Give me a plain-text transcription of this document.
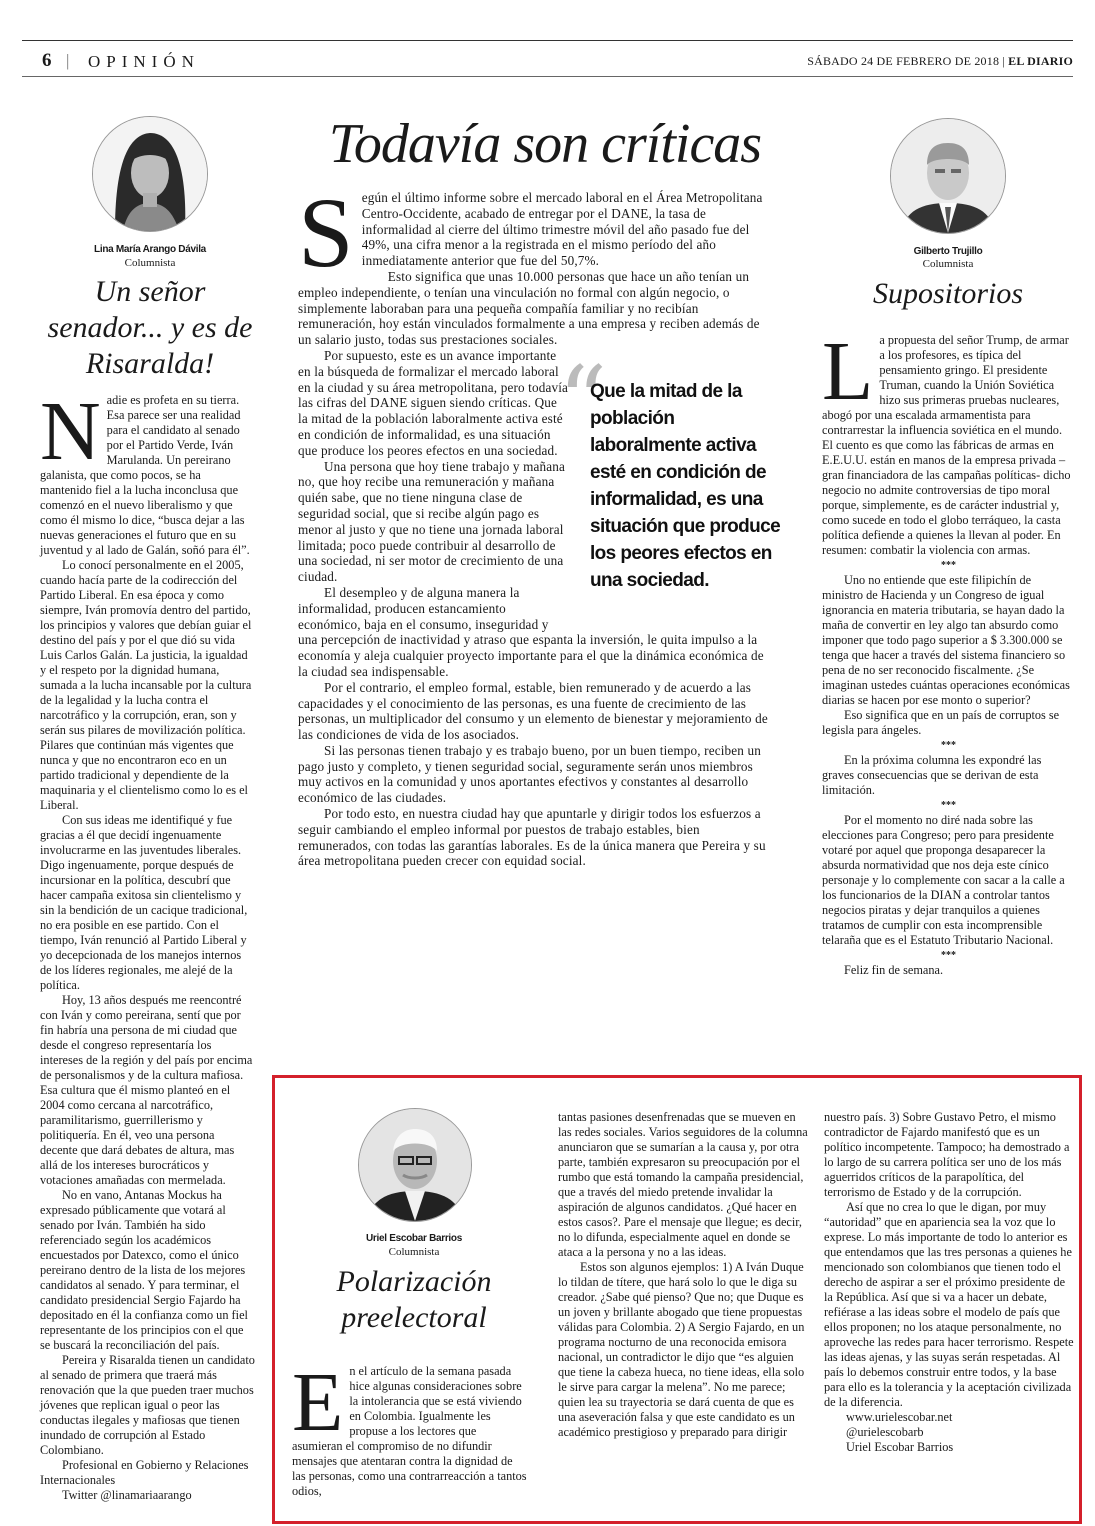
6 | OPINIÓN	SÁBADO 24 DE FEBRERO DE 2018 | EL DIARIO
Lina María Arango Dávila
Columnista
Un señor senador... y es de Risaralda!

Nadie es profeta en su tierra. Esa parece ser una realidad para el candidato al senado por el Partido Verde, Iván Marulanda. Un pereirano galanista, que como pocos, se ha mantenido fiel a la lucha inconclusa que comenzó en el nuevo liberalismo y que como él mismo lo dice, “busca dejar a las nuevas generaciones el futuro que en su juventud y al lado de Galán, soñó para él”.

Lo conocí personalmente en el 2005, cuando hacía parte de la codirección del Partido Liberal. En esa época y como siempre, Iván promovía dentro del partido, los principios y valores que debían guiar el destino del país y por el que dió su vida Luis Carlos Galán. La justicia, la igualdad y el respeto por la dignidad humana, sumada a la lucha incansable por la cultura de la legalidad y la lucha contra el narcotráfico y la corrupción, eran, son y serán sus pilares de movilización política. Pilares que continúan más vigentes que nunca y que no encontraron eco en un partido tradicional y dependiente de la maquinaria y el clientelismo como lo es el Liberal.

Con sus ideas me identifiqué y fue gracias a él que decidí ingenuamente involucrarme en las juventudes liberales. Digo ingenuamente, porque después de incursionar en la política, descubrí que hacer campaña exitosa sin clientelismo y sin la bendición de un cacique tradicional, no era posible en ese partido. Con el tiempo, Iván renunció al Partido Liberal y yo decepcionada de los manejos internos de los líderes regionales, me alejé de la política.

Hoy, 13 años después me reencontré con Iván y como pereirana, sentí que por fin habría una persona de mi ciudad que desde el congreso representaría los intereses de la región y del país por encima de personalismos y de la cultura mafiosa. Esa cultura que él mismo planteó en el 2004 como cercana al narcotráfico, paramilitarismo, guerrillerismo y politiquería. En él, veo una persona decente que dará debates de altura, mas allá de los intereses burocráticos y votaciones amañadas con mermelada.

No en vano, Antanas Mockus ha expresado públicamente que votará al senado por Iván. También ha sido referenciado según los académicos encuestados por Datexco, como el único pereirano dentro de la lista de los mejores candidatos al senado. Y para terminar, el candidato presidencial Sergio Fajardo ha depositado en él la confianza como un fiel representante de los principios con el que se buscará la reconciliación del país.

Pereira y Risaralda tienen un candidato al senado de primera que traerá más renovación que la que pueden traer muchos jóvenes que replican igual o peor las conductas ilegales y mafiosas que tienen inundado de corrupción al Estado Colombiano.

Profesional en Gobierno y Relaciones Internacionales

Twitter @linamariaarango

Todavía son críticas

Según el último informe sobre el mercado laboral en el Área Metropolitana Centro-Occidente, acabado de entregar por el DANE, la tasa de informalidad al cierre del último trimestre móvil del año pasado fue del 49%, una cifra menor a la registrada en el mismo período del año inmediatamente anterior que fue del 50,7%.

Esto significa que unas 10.000 personas que hace un año tenían un empleo independiente, o tenían una vinculación no formal con algún negocio, o simplemente laboraban para una pequeña compañía familiar y no recibían remuneración, hoy están vinculados formalmente a una empresa y reciben además de un salario justo, todas sus prestaciones sociales.

“
Que la mitad de la población laboralmente activa esté en condición de informalidad, es una situación que produce los peores efectos en una sociedad.

Por supuesto, este es un avance importante en la búsqueda de formalizar el mercado laboral en la ciudad y su área metropolitana, pero todavía las cifras del DANE siguen siendo críticas. Que la mitad de la población laboralmente activa esté en condición de informalidad, es una situación que produce los peores efectos en una sociedad.

Una persona que hoy tiene trabajo y mañana no, que hoy recibe una remuneración y mañana quién sabe, que no tiene ninguna clase de seguridad social, que si recibe algún pago es menor al justo y que no tiene una jornada laboral limitada; poco puede contribuir al desarrollo de una sociedad, ni ser motor de crecimiento de una ciudad.

El desempleo y de alguna manera la informalidad, producen estancamiento económico, baja en el consumo, inseguridad y una percepción de inactividad y atraso que espanta la inversión, le quita impulso a la economía y aleja cualquier proyecto importante para el que la dinámica económica de la ciudad sea indispensable.

Por el contrario, el empleo formal, estable, bien remunerado y de acuerdo a las capacidades y el conocimiento de las personas, es una fuente de crecimiento de las personas, un multiplicador del consumo y un elemento de bienestar y mejoramiento de las condiciones de vida de los asociados.

Si las personas tienen trabajo y es trabajo bueno, por un buen tiempo, reciben un pago justo y completo, y tienen seguridad social, seguramente serán unos miembros muy activos en la comunidad y unos aportantes efectivos y constantes al desarrollo económico de las ciudades.

Por todo esto, en nuestra ciudad hay que apuntarle y dirigir todos los esfuerzos a seguir cambiando el empleo informal por puestos de trabajo estables, bien remunerados, con todas las garantías laborales. Es de la única manera que Pereira y su área metropolitana pueden crecer con equidad social.

Gilberto Trujillo
Columnista
Supositorios

La propuesta del señor Trump, de armar a los profesores, es típica del pensamiento gringo. El presidente Truman, cuando la Unión Soviética hizo sus primeras pruebas nucleares, abogó por una escalada armamentista para contrarrestar la influencia soviética en el mundo. El cuento es que como las fábricas de armas en E.E.U.U. están en manos de la empresa privada –gran financiadora de las campañas políticas- dicho negocio no admite controversias de tipo moral porque, simplemente, es de carácter industrial y, como sucede en todo el globo terráqueo, la casta política defiende a quienes la llevan al poder. En resumen: combatir la violencia con armas.

***

Uno no entiende que este filipichín de ministro de Hacienda y un Congreso de igual ignorancia en materia tributaria, se hayan dado la maña de convertir en ley algo tan absurdo como imponer que todo pago superior a $ 3.300.000 se tenga que hacer a través del sistema financiero so pena de no ser reconocido fiscalmente. ¿Se imaginan ustedes cuántas operaciones económicas diarias se hacen por ese monto o superior?

Eso significa que en un país de corruptos se legisla para ángeles.

***

En la próxima columna les expondré las graves consecuencias que se derivan de esta limitación.

***

Por el momento no diré nada sobre las elecciones para Congreso; pero para presidente votaré por aquel que proponga desaparecer la absurda normatividad que nos deja este cínico personaje y lo complemente con sacar a la calle a los funcionarios de la DIAN a controlar tantos negocios piratas y dejar tranquilos a quienes tratamos de cumplir con esta incomprensible telaraña que es el Estatuto Tributario Nacional.

***

Feliz fin de semana.

Uriel Escobar Barrios
Columnista
Polarización preelectoral

En el artículo de la semana pasada hice algunas consideraciones sobre la intolerancia que se está viviendo en Colombia. Igualmente les propuse a los lectores que asumieran el compromiso de no difundir mensajes que atentaran contra la dignidad de las personas, como una contrarreacción a tantos odios,

tantas pasiones desenfrenadas que se mueven en las redes sociales. Varios seguidores de la columna anunciaron que se sumarían a la causa y, por otra parte, también expresaron su preocupación por el rumbo que está tomando la campaña presidencial, que a través del miedo pretende invalidar la aspiración de algunos candidatos. ¿Qué hacer en estos casos?. Pare el mensaje que llegue; es decir, no lo difunda, especialmente aquel en donde se ataca a la persona y no a las ideas.

Estos son algunos ejemplos: 1) A Iván Duque lo tildan de títere, que hará solo lo que le diga su creador. ¿Sabe qué pienso? Que no; que Duque es un joven y brillante abogado que tiene propuestas válidas para Colombia. 2) A Sergio Fajardo, en un programa nocturno de una reconocida emisora nacional, un contradictor le dijo que “es alguien que tiene la cabeza hueca, no tiene ideas, ella solo le sirve para cargar la melena”. No me parece; quien lea su trayectoria se dará cuenta de que es una aseveración falsa y que este candidato es un académico prestigioso y preparado para dirigir

nuestro país. 3) Sobre Gustavo Petro, el mismo contradictor de Fajardo manifestó que es un político incompetente. Tampoco; ha demostrado a lo largo de su carrera política ser uno de los más aguerridos críticos de la parapolítica, del terrorismo de Estado y de la corrupción.

Así que no crea lo que le digan, por muy “autoridad” que en apariencia sea la voz que lo exprese. Lo más importante de todo lo anterior es que entendamos que las tres personas a quienes he mencionado son colombianos que tienen todo el derecho de aspirar a ser el próximo presidente de la República. Así que si va a hacer un debate, refiérase a las ideas sobre el modelo de país que ellos proponen; no los ataque personalmente, no aproveche las redes para hacer terrorismo. Respete las ideas ajenas, y las suyas serán respetadas. Al país lo debemos construir entre todos, y la base para ello es la tolerancia y la aceptación civilizada de la diferencia.

www.urielescobar.net

@urielescobarb

Uriel Escobar Barrios
